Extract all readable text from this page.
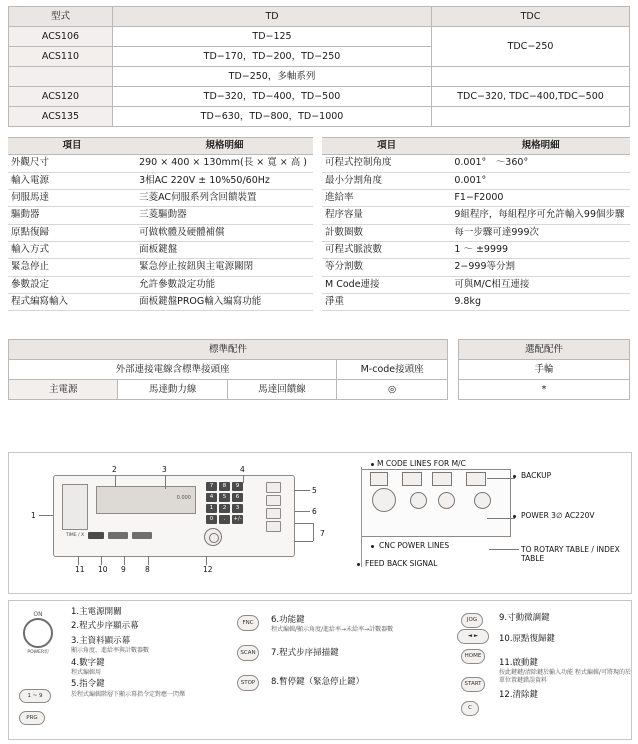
型式	TD	TDC
ACS106	TD−125	TDC−250
ACS110	TD−170，TD−200，TD−250	
	TD−250，多軸系列	
ACS120	TD−320，TD−400，TD−500	TDC−320, TDC−400,TDC−500
ACS135	TD−630，TD−800，TD−1000	
項目	規格明細
外觀尺寸	290 × 400 × 130mm(長 × 寬 × 高 )
輸入電源	3相AC 220V ± 10%50/60Hz
伺服馬達	三菱AC伺服系列含回饋裝置
驅動器	三菱驅動器
原點復歸	可做軟體及硬體補償
輸入方式	面板鍵盤
緊急停止	緊急停止按鈕與主電源關閉
參數設定	允許參數設定功能
程式編寫輸入	面板鍵盤PROG輸入編寫功能
項目	規格明細
可程式控制角度	0.001°　～360°
最小分割角度	0.001°
進給率	F1−F2000
程序容量	9組程序，每組程序可允許輸入99個步驟
計數圈數	每一步驟可達999次
可程式脈波數	1 ～ ±9999
等分割數	2−999等分割
M Code連接	可與M/C相互連接
淨重	9.8kg
標準配件			
外部連接電線含標準接頭座			M-code接頭座
主電源	馬達動力線	馬達回饋線	◎
選配配件
手輪
*
TIME / X
0.000
7	8	9
4	5	6
1	2	3
0	.	+/-
1
2	3	4
5
6
7
11 10 9	8	12
M CODE LINES FOR M/C
BACKUP
POWER 3∅ AC220V
CNC POWER LINES	TO ROTARY TABLE / INDEX TABLE
FEED BACK SIGNAL
ON
POWER切
1 ~ 9
PRG
1.主電源開關
2.程式步序顯示幕
3.主資料顯示幕
顯示角度、進給率與計數器數
4.數字鍵
程式編輯用
5.指令鍵
於程式編輯階層下顯示幕指令定對應一閃爍
FNC
SCAN
STOP
6.功能鍵
程式編輯/顯示角度/進給率→未給率→計數器數
7.程式步序掃描鍵
8.暫停鍵（緊急停止鍵）
JOG
◄ ►
HOME
START
C
9.寸動微調鍵
10.原點復歸鍵
11.啟動鍵
按此鍵鍵/清除鍵於輸入功能 程式編輯/可將現的於單位置鍵錯誤資料
12.清除鍵
